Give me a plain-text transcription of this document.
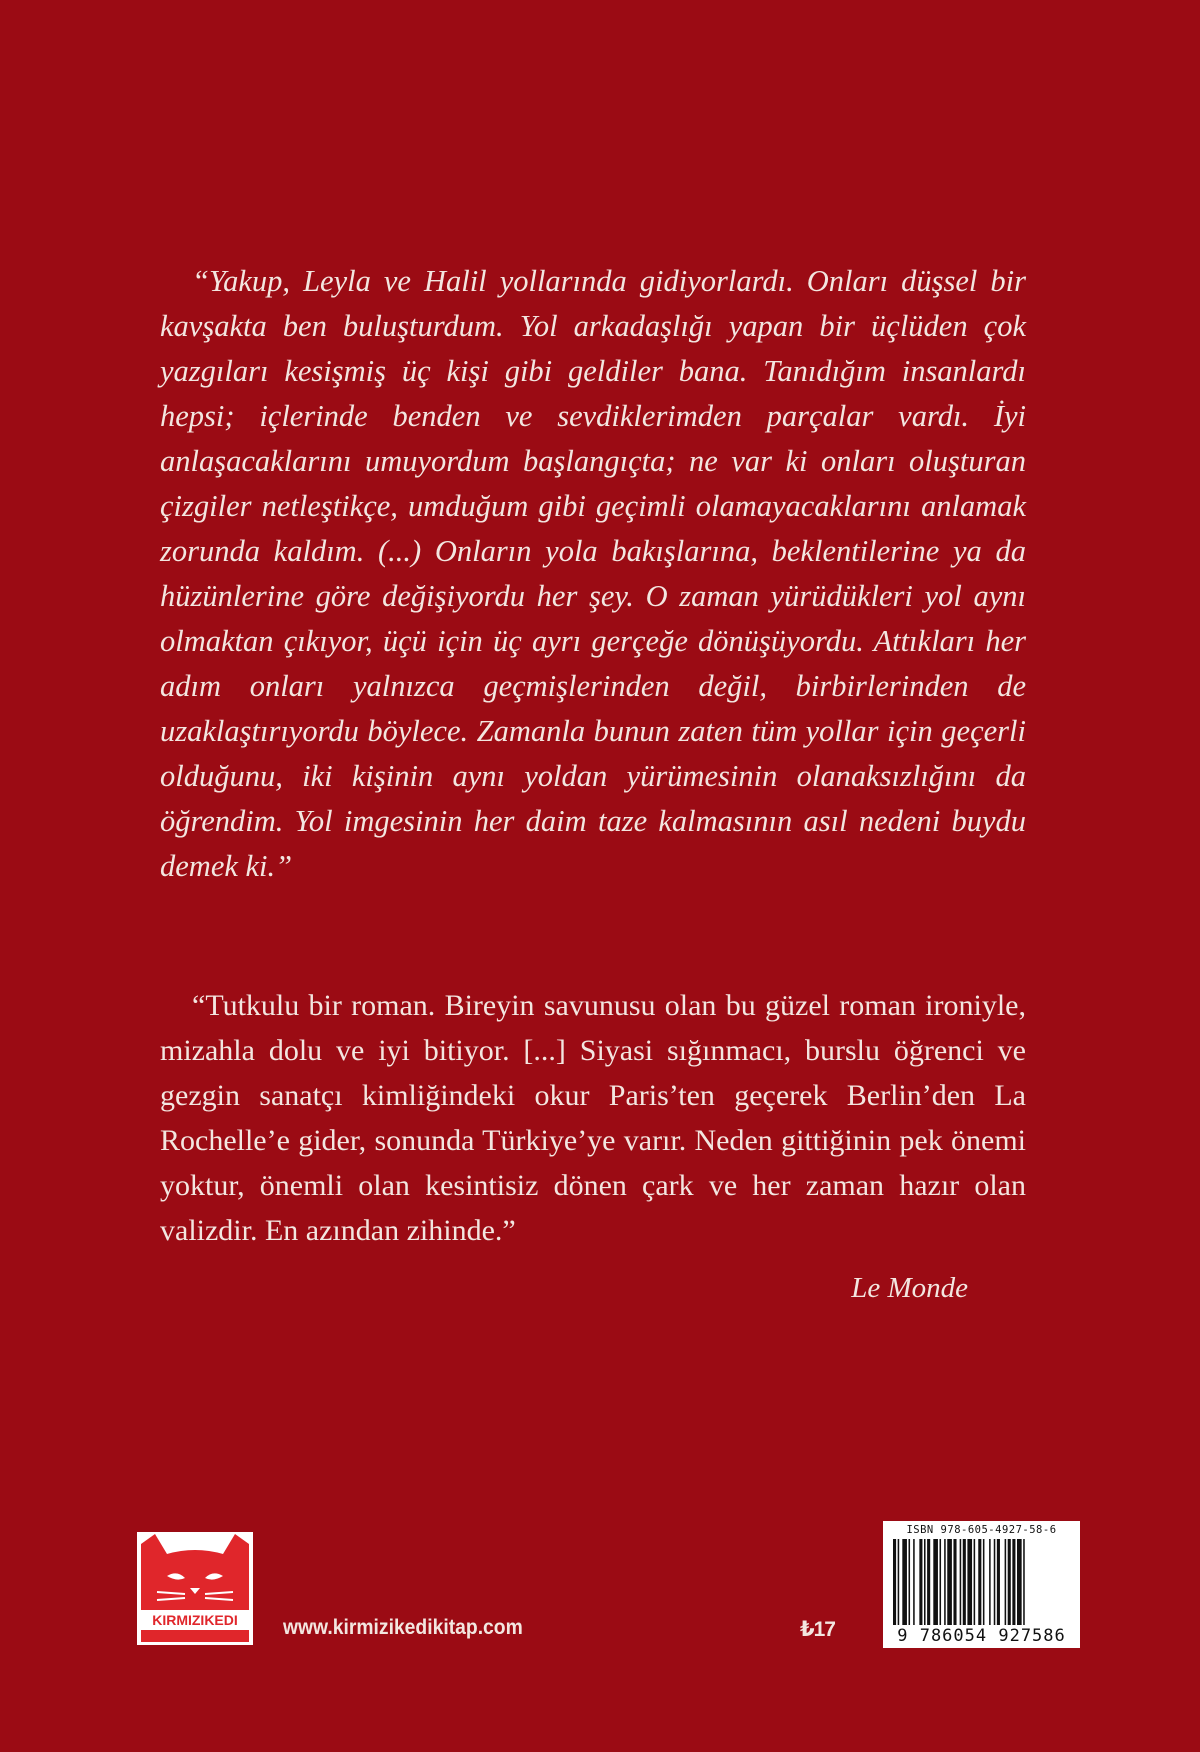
“Yakup, Leyla ve Halil yollarında gidiyorlardı. Onları düşsel bir kavşakta ben buluşturdum. Yol arkadaşlığı yapan bir üçlüden çok yazgıları kesişmiş üç kişi gibi geldiler bana. Tanıdığım insanlardı hepsi; içlerinde benden ve sevdiklerimden parçalar vardı. İyi anlaşacaklarını umuyordum başlangıçta; ne var ki onları oluşturan çizgiler netleştikçe, umduğum gibi geçimli olamayacaklarını anlamak zorunda kaldım. (...) Onların yola bakışlarına, beklentilerine ya da hüzünlerine göre değişiyordu her şey. O zaman yürüdükleri yol aynı olmaktan çıkıyor, üçü için üç ayrı gerçeğe dönüşüyordu. Attıkları her adım onları yalnızca geçmişlerinden değil, birbirlerinden de uzaklaştırıyordu böylece. Zamanla bunun zaten tüm yollar için geçerli olduğunu, iki kişinin aynı yoldan yürümesinin olanaksızlığını da öğrendim. Yol imgesinin her daim taze kalmasının asıl nedeni buydu demek ki.”

“Tutkulu bir roman. Bireyin savunusu olan bu güzel roman ironiyle, mizahla dolu ve iyi bitiyor. [...] Siyasi sığınmacı, burslu öğrenci ve gezgin sanatçı kimliğindeki okur Paris’ten geçerek Berlin’den La Rochelle’e gider, sonunda Türkiye’ye varır. Neden gittiğinin pek önemi yoktur, önemli olan kesintisiz dönen çark ve her zaman hazır olan valizdir. En azından zihinde.”

Le Monde
KIRMIZIKEDI www.kirmizikedikitap.com	₺17
ISBN 978-605-4927-58-6
9 786054 927586
